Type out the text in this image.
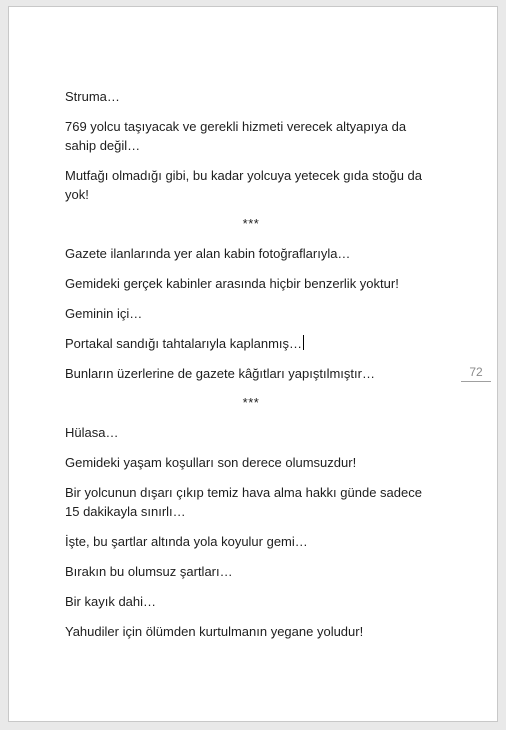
Struma…

769 yolcu taşıyacak ve gerekli hizmeti verecek altyapıya da sahip değil…

Mutfağı olmadığı gibi, bu kadar yolcuya yetecek gıda stoğu da yok!

***

Gazete ilanlarında yer alan kabin fotoğraflarıyla…

Gemideki gerçek kabinler arasında hiçbir benzerlik yoktur!

Geminin içi…

Portakal sandığı tahtalarıyla kaplanmış…

Bunların üzerlerine de gazete kâğıtları yapıştılmıştır…

***

Hülasa…

Gemideki yaşam koşulları son derece olumsuzdur!

Bir yolcunun dışarı çıkıp temiz hava alma hakkı günde sadece 15 dakikayla sınırlı…

İşte, bu şartlar altında yola koyulur gemi…

Bırakın bu olumsuz şartları…

Bir kayık dahi…

Yahudiler için ölümden kurtulmanın yegane yoludur!

72
